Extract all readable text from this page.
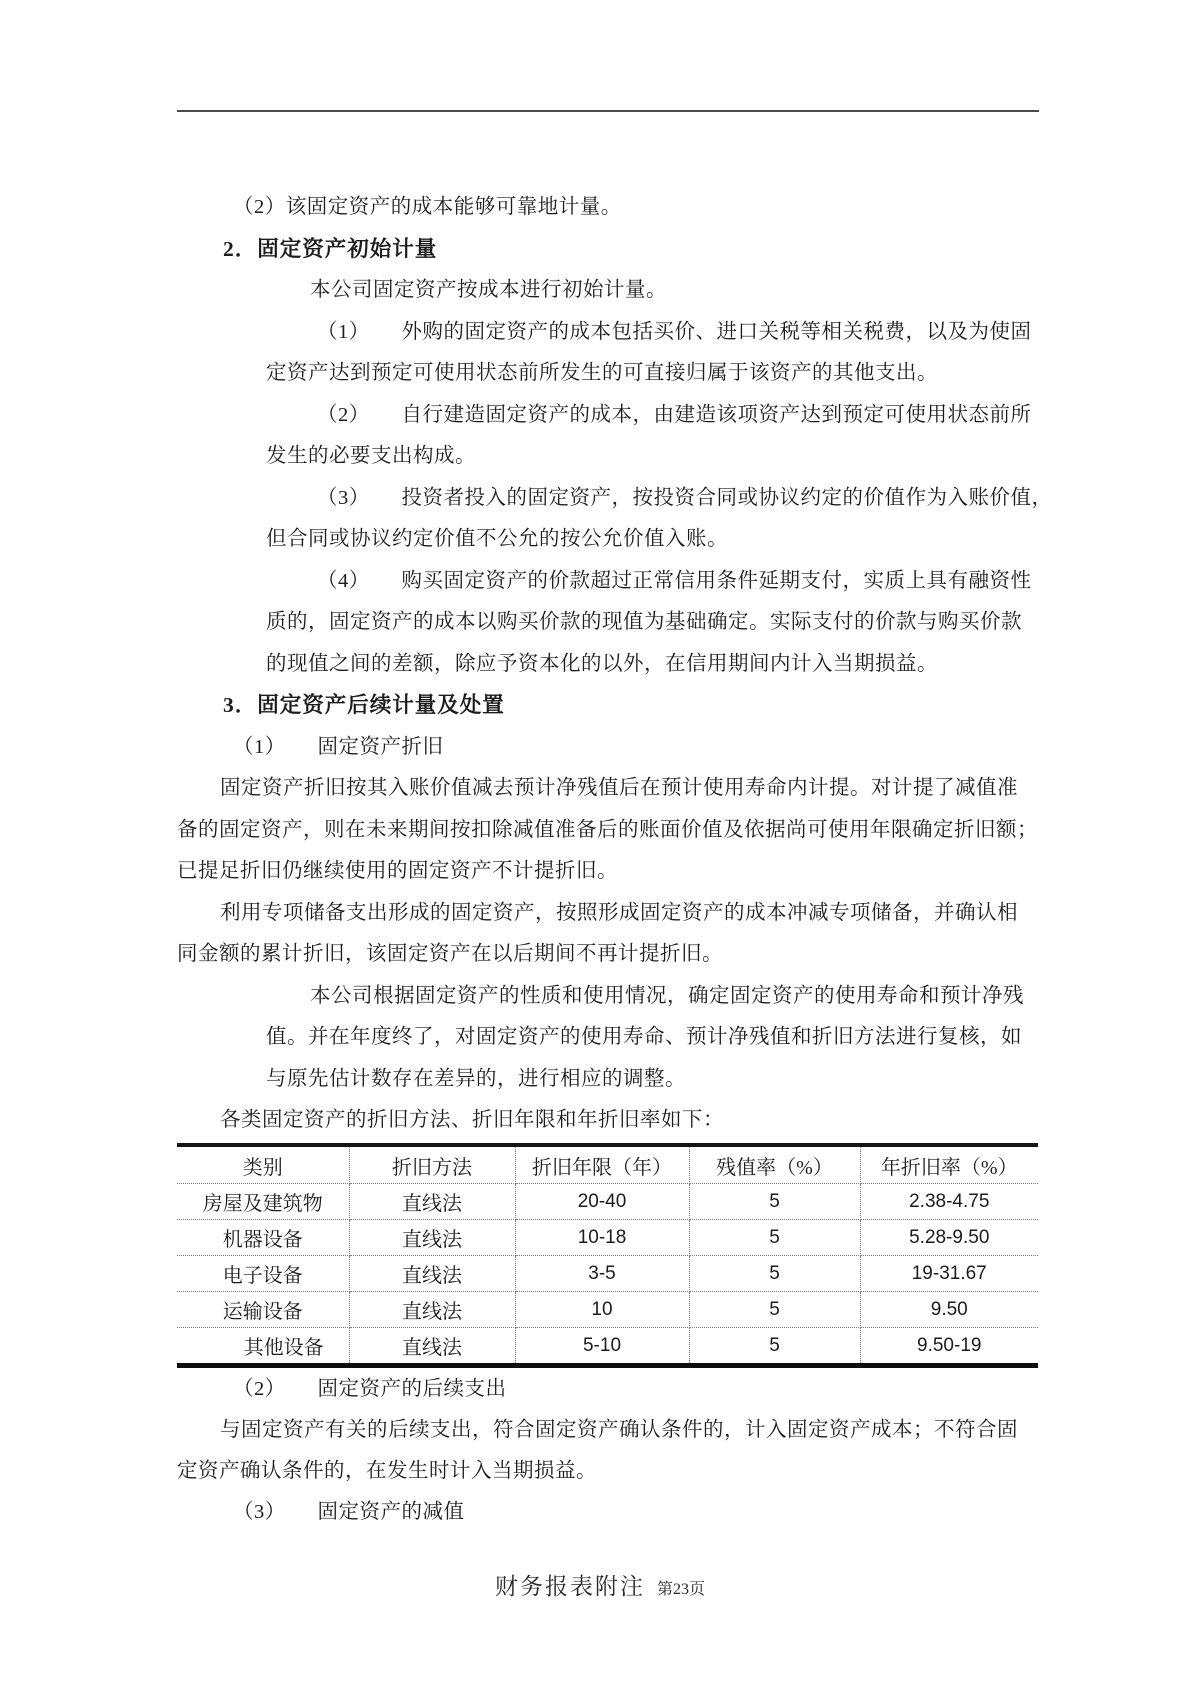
（2）该固定资产的成本能够可靠地计量。
2．固定资产初始计量
本公司固定资产按成本进行初始计量。
（1）　　外购的固定资产的成本包括买价、进口关税等相关税费，以及为使固
定资产达到预定可使用状态前所发生的可直接归属于该资产的其他支出。
（2）　　自行建造固定资产的成本，由建造该项资产达到预定可使用状态前所
发生的必要支出构成。
（3）　　投资者投入的固定资产，按投资合同或协议约定的价值作为入账价值，
但合同或协议约定价值不公允的按公允价值入账。
（4）　　购买固定资产的价款超过正常信用条件延期支付，实质上具有融资性
质的，固定资产的成本以购买价款的现值为基础确定。实际支付的价款与购买价款
的现值之间的差额，除应予资本化的以外，在信用期间内计入当期损益。
3．固定资产后续计量及处置
（1）　　固定资产折旧
固定资产折旧按其入账价值减去预计净残值后在预计使用寿命内计提。对计提了减值准
备的固定资产，则在未来期间按扣除减值准备后的账面价值及依据尚可使用年限确定折旧额；
已提足折旧仍继续使用的固定资产不计提折旧。
利用专项储备支出形成的固定资产，按照形成固定资产的成本冲减专项储备，并确认相
同金额的累计折旧，该固定资产在以后期间不再计提折旧。
本公司根据固定资产的性质和使用情况，确定固定资产的使用寿命和预计净残
值。并在年度终了，对固定资产的使用寿命、预计净残值和折旧方法进行复核，如
与原先估计数存在差异的，进行相应的调整。
各类固定资产的折旧方法、折旧年限和年折旧率如下：
类别	折旧方法	折旧年限（年）	残值率（%）	年折旧率（%）
房屋及建筑物	直线法	20-40	5	2.38-4.75
机器设备	直线法	10-18	5	5.28-9.50
电子设备	直线法	3-5	5	19-31.67
运输设备	直线法	10	5	9.50
其他设备	直线法	5-10	5	9.50-19
（2）　　固定资产的后续支出
与固定资产有关的后续支出，符合固定资产确认条件的，计入固定资产成本；不符合固
定资产确认条件的，在发生时计入当期损益。
（3）　　固定资产的减值
财务报表附注 第23页
